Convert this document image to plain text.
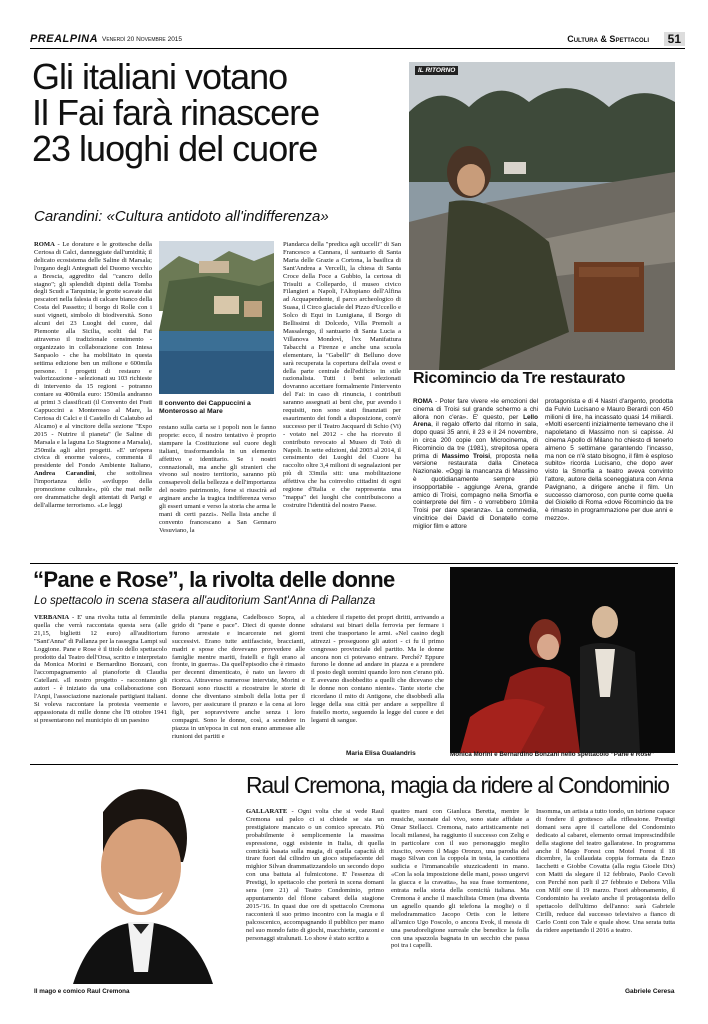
PREALPINA Venerdì 20 Novembre 2015	Cultura & Spettacoli	51
Gli italiani votano
Il Fai farà rinascere
23 luoghi del cuore
Carandini: «Cultura antidoto all'indifferenza»
ROMA - Le dorature e le grottesche della Certosa di Calci, danneggiate dall'umidità; il delicato ecosistema delle Saline di Marsala; l'organo degli Antegnati del Duomo vecchio a Brescia, aggredito dal "cancro dello stagno"; gli splendidi dipinti della Tomba degli Scudi a Tarquinia; le grotte scavate dai pescatori nella falesia di calcare bianco della Costa del Passetto; il borgo di Rolle con i suoi vigneti, simbolo di biodiversità. Sono alcuni dei 23 Luoghi del cuore, dal Piemonte alla Sicilia, scelti dal Fai attraverso il tradizionale censimento - organizzato in collaborazione con Intesa Sanpaolo - che ha mobilitato in questa settima edizione ben un milione e 600mila persone. I progetti di restauro e valorizzazione - selezionati su 103 richieste di intervento da 15 regioni - potranno contare su 400mila euro: 150mila andranno ai primi 3 classificati (il Convento dei Frati Cappuccini a Monterosso al Mare, la Certosa di Calci e il Castello di Calatubo ad Alcamo) e al vincitore della sezione "Expo 2015 - Nutrire il pianeta" (le Saline di Marsala e la laguna Lo Stagnone a Marsala), 250mila agli altri progetti. «E' un'opera civica di enorme valore», commenta il presidente del Fondo Ambiente Italiano, Andrea Carandini, che sottolinea l'importanza dello «sviluppo della promozione culturale», più che mai nelle ore drammatiche degli attentati di Parigi e dell'allarme terrorismo. «Le leggi
Il convento dei Cappuccini a Monterosso al Mare
restano sulla carta se i popoli non le fanno proprie: ecco, il nostro tentativo è proprio stampare la Costituzione sul cuore degli italiani, trasformandola in un elemento affettivo e identitario. Se i nostri connazionali, ma anche gli stranieri che vivono sul nostro territorio, saranno più consapevoli della bellezza e dell'importanza del nostro patrimonio, forse si riuscirà ad arginare anche la tragica indifferenza verso gli esseri umani e verso la storia che arma le mani di certi pazzi». Nella lista anche il convento francescano a San Gennaro Vesuviano, la
Piandarca della "predica agli uccelli" di San Francesco a Cannara, il santuario di Santa Maria delle Grazie a Cortona, la basilica di Sant'Andrea a Vercelli, la chiesa di Santa Croce della Foce a Gubbio, la certosa di Trisulti a Collepardo, il museo civico Filangieri a Napoli, l'Altopiano dell'Alfina ad Acquapendente, il parco archeologico di Suasa, il Circo glaciale del Pizzo d'Uccello e Solco di Equi in Lunigiana, il Borgo di Bellissimi di Dolcedo, Villa Premoli a Massalengo, il santuario di Santa Lucia a Villanova Mondovì, l'ex Manifattura Tabacchi a Firenze e anche una scuola elementare, la "Gabelli" di Belluno dove sarà recuperata la copertura dell'ala ovest e della parte centrale dell'edificio in stile razionalista. Tutti i beni selezionati dovranno accettare formalmente l'intervento del Fai: in caso di rinuncia, i contributi saranno assegnati ai beni che, pur avendo i requisiti, non sono stati finanziati per esaurimento dei fondi a disposizione, com'è successo per il Teatro Jacquard di Schio (Vi) - votato nel 2012 - che ha ricevuto il contributo revocato al Museo di Totò di Napoli. In sette edizioni, dal 2003 al 2014, il censimento dei Luoghi del Cuore ha raccolto oltre 3,4 milioni di segnalazioni per più di 33mila siti: una mobilitazione affettiva che ha coinvolto cittadini di ogni regione d'Italia e che rappresenta una "mappa" dei luoghi che contribuiscono a costruire l'identità del nostro Paese.
IL RITORNO
Ricomincio da Tre restaurato
ROMA - Poter fare vivere «le emozioni del cinema di Troisi sul grande schermo a chi allora non c'era». E' questo, per Lello Arena, il regalo offerto dal ritorno in sala, dopo quasi 35 anni, il 23 e il 24 novembre, in circa 200 copie con Microcinema, di Ricomincio da tre (1981), strepitosa opera prima di Massimo Troisi, proposta nella versione restaurata dalla Cineteca Nazionale. «Oggi la mancanza di Massimo è quotidianamente sempre più insopportabile - aggiunge Arena, grande amico di Troisi, compagno nella Smorfia e cointerprete del film - o vorrebbero 10mila Troisi per dare speranza». La commedia, vincitrice dei David di Donatello come miglior film e attore
protagonista e di 4 Nastri d'argento, prodotta da Fulvio Lucisano e Mauro Berardi con 450 milioni di lire, ha incassato quasi 14 miliardi. «Molti esercenti inizialmente temevano che il napoletano di Massimo non si capisse. Al cinema Apollo di Milano ho chiesto di tenerlo almeno 5 settimane garantendo l'incasso, ma non ce n'è stato bisogno, il film è esploso subito» ricorda Lucisano, che dopo aver visto la Smorfia a teatro aveva convinto l'attore, autore della sceneggiatura con Anna Pavignano, a dirigere anche il film. Un successo clamoroso, con punte come quella del Gioiello di Roma «dove Ricomincio da tre è rimasto in programmazione per due anni e mezzo».
“Pane e Rose”, la rivolta delle donne
Lo spettacolo in scena stasera all'auditorium Sant'Anna di Pallanza
VERBANIA - E' una rivolta tutta al femminile quella che verrà raccontata questa sera (alle 21,15, biglietti 12 euro) all'auditorium "Sant'Anna" di Pallanza per la rassegna Lampi sul Loggione. Pane e Rose è il titolo dello spettacolo prodotto dal Teatro dell'Orsa, scritto e interpretato da Monica Morini e Bernardino Bonzani, con l'accompagnamento al pianoforte di Claudia Catellani. «Il nostro progetto - raccontano gli autori - è iniziato da una collaborazione con l'Anpi, l'associazione nazionale partigiani italiani. Si voleva raccontare la protesta veemente e appassionata di mille donne che l'8 ottobre 1941 si presentarono nel municipio di un paesino
della pianura reggiana, Cadelbosco Sopra, al grido di "pane e pace". Dieci di queste donne furono arrestate e incarcerate nei giorni successivi. Erano tutte antifasciste, braccianti, madri e spose che dovevano provvedere alle famiglie mentre mariti, fratelli e figli erano al fronte, in guerra». Da quell'episodio che è rimasto per decenni dimenticato, è nato un lavoro di ricerca. Attraverso numerose interviste, Morini e Bonzani sono riusciti a ricostruire le storie di donne che diventano simboli della lotta per il lavoro, per assicurare il pranzo e la cena ai loro figli, per sopravvivere anche senza i loro compagni. Sono le donne, così, a scendere in piazza in un'epoca in cui non erano ammesse alle riunioni dei partiti e
a chiedere il rispetto dei propri diritti, arrivando a sdraiarsi sui binari della ferrovia per fermare i treni che trasportano le armi. «Nel casino degli attrezzi - proseguono gli autori - ci fu il primo congresso provinciale del partito. Ma le donne ancora non ci potevano entrare. Perché? Eppure furono le donne ad andare in piazza e a prendere il posto degli uomini quando loro non c'erano più. E avevano disobbedito a quelli che dicevano che le donne non contano niente». Tante storie che ricordano il mito di Antigone, che disobbedì alla legge della sua città per andare a seppellire il fratello morto, seguendo la legge del cuore e dei legami di sangue.
Maria Elisa Gualandris	Monica Morini e Bernardino Bonzani nello spettacolo “Pane e Rose”
Il mago e comico Raul Cremona
Raul Cremona, magia da ridere al Condominio
GALLARATE - Ogni volta che si vede Raul Cremona sul palco ci si chiede se sia un prestigiatore mancato o un comico sprecato. Più probabilmente è semplicemente la massima espressione, oggi esistente in Italia, di quella comicità basata sulla magia, di quella capacità di tirare fuori dal cilindro un gioco stupefacente del mighior Silvan drammatizzandolo un secondo dopo con una battuta al fulmicotone. E' l'essenza di Prestigi, lo spettacolo che porterà in scena domani sera (ore 21) al Teatro Condominio, primo appuntamento del filone cabaret della stagione 2015-'16. In quasi due ore di spettacolo Cremona racconterà il suo primo incontro con la magia e il palcoscenico, accompagnando il pubblico per mano nel suo mondo fatto di giochi, macchiette, canzoni e personaggi stralunati. Lo show è stato scritto a
quattro mani con Gianluca Beretta, mentre le musiche, suonate dal vivo, sono state affidate a Omar Stellacci. Cremona, nato artisticamente nei locali milanesi, ha raggiunto il successo con Zelig e in particolare con il suo personaggio meglio riuscito, ovvero il Mago Oronzo, una parodia del mago Silvan con la coppola in testa, la canottiera sudicia e l'immancabile stuzzicadenti in mano. «Con la sola imposizione delle mani, posso ungervi la giacca e la cravatta», ha sua frase tormentone, entrata nella storia della comicità italiana. Ma Cremona è anche il maschilista Omen (ma diventa un agnello quando gli telefona la moglie) o il melodrammatico Jacopo Ortis con le lettere all'amico Ugo Foscolo, o ancora Evok, il messia di una pseudoreligione surreale che benedice la folla con una spazzola bagnata in un secchio che passa poi tra i capelli.
Insomma, un artista a tutto tondo, un istrione capace di fondere il grottesco alla riflessione. Prestigi domani sera apre il cartellone del Condominio dedicato al cabaret, elemento ormai imprescindibile della stagione del teatro gallaratese. In programma anche il Mago Forest con Motel Forest il 18 dicembre, la collaudata coppia formata da Enzo Iacchetti e Giobbe Covatta (alla regia Gioele Dix) con Matti da slegare il 12 febbraio, Paolo Cevoli con Perché non parli il 27 febbraio e Debora Villa con Milf one il 19 marzo. Fuori abbonamento, il Condominio ha svelato anche il protagonista dello spettacolo dell'ultimo dell'anno: sarà Gabriele Cirilli, reduce dal successo televisivo a fianco di Carlo Conti con Tale e quale show. Una serata tutta da ridere aspettando il 2016 a teatro.
Gabriele Ceresa
